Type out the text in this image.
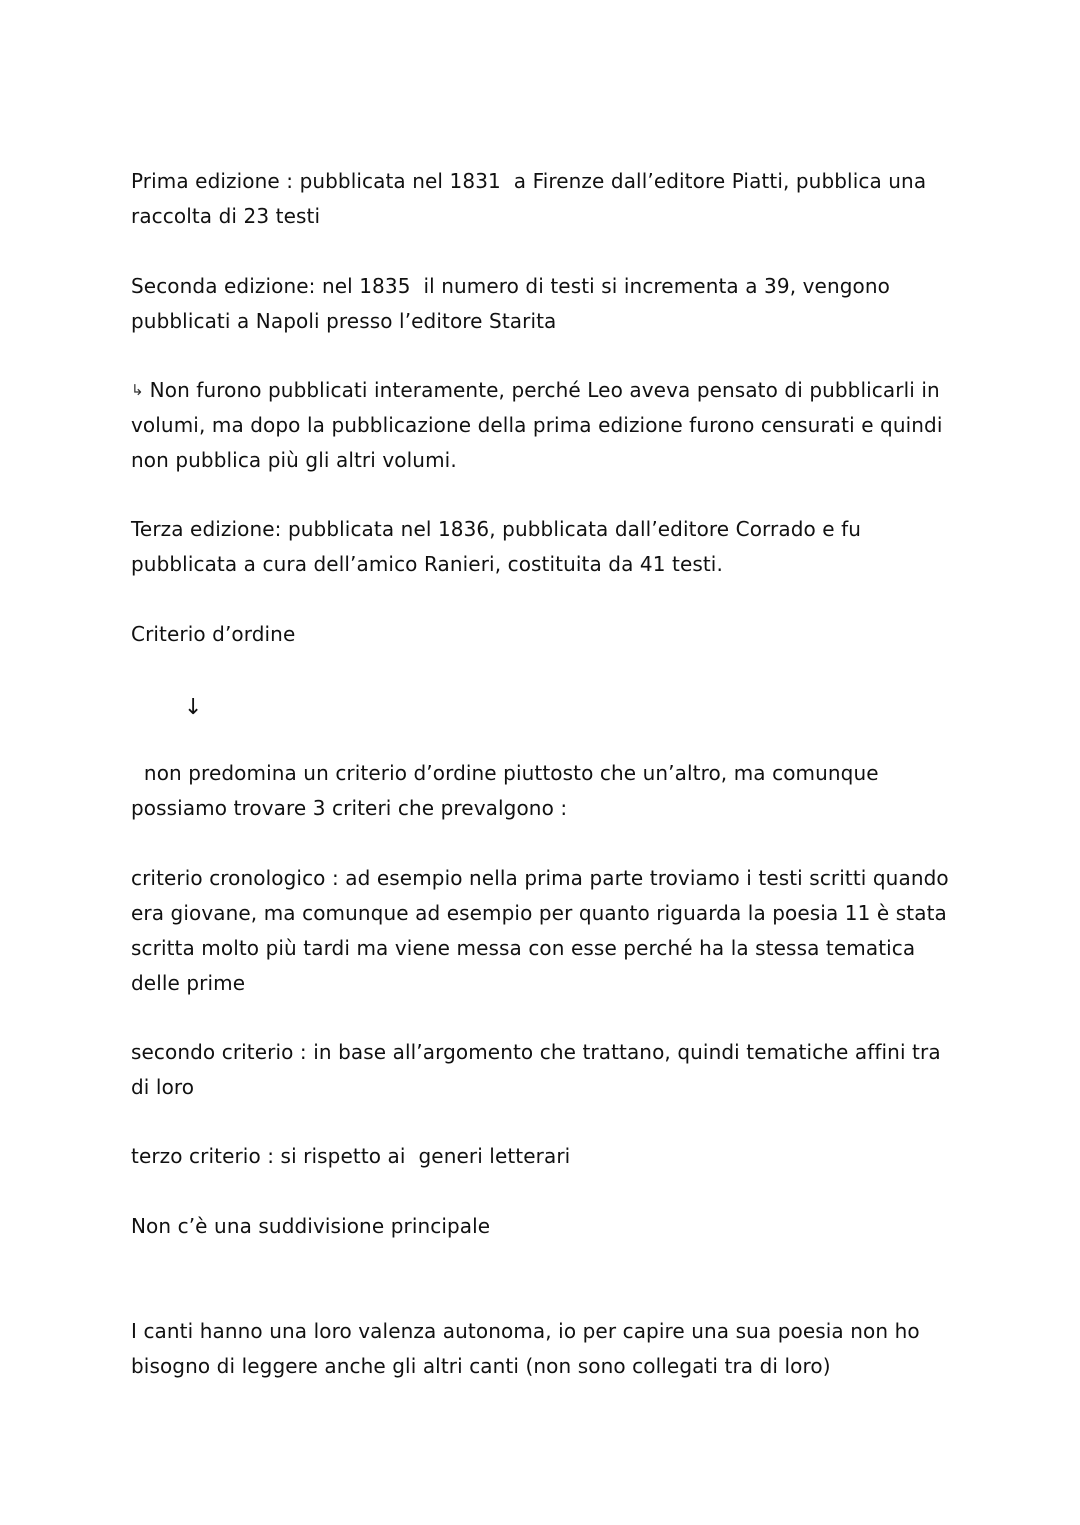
Prima edizione : pubblicata nel 1831  a Firenze dall’editore Piatti, pubblica una raccolta di 23 testi

Seconda edizione: nel 1835  il numero di testi si incrementa a 39, vengono pubblicati a Napoli presso l’editore Starita

↳ Non furono pubblicati interamente, perché Leo aveva pensato di pubblicarli in volumi, ma dopo la pubblicazione della prima edizione furono censurati e quindi non pubblica più gli altri volumi.

Terza edizione: pubblicata nel 1836, pubblicata dall’editore Corrado e fu pubblicata a cura dell’amico Ranieri, costituita da 41 testi.

Criterio d’ordine

↓

non predomina un criterio d’ordine piuttosto che un’altro, ma comunque possiamo trovare 3 criteri che prevalgono :

criterio cronologico : ad esempio nella prima parte troviamo i testi scritti quando era giovane, ma comunque ad esempio per quanto riguarda la poesia 11 è stata scritta molto più tardi ma viene messa con esse perché ha la stessa tematica delle prime

secondo criterio : in base all’argomento che trattano, quindi tematiche affini tra di loro

terzo criterio : si rispetto ai  generi letterari

Non c’è una suddivisione principale

I canti hanno una loro valenza autonoma, io per capire una sua poesia non ho bisogno di leggere anche gli altri canti (non sono collegati tra di loro)
